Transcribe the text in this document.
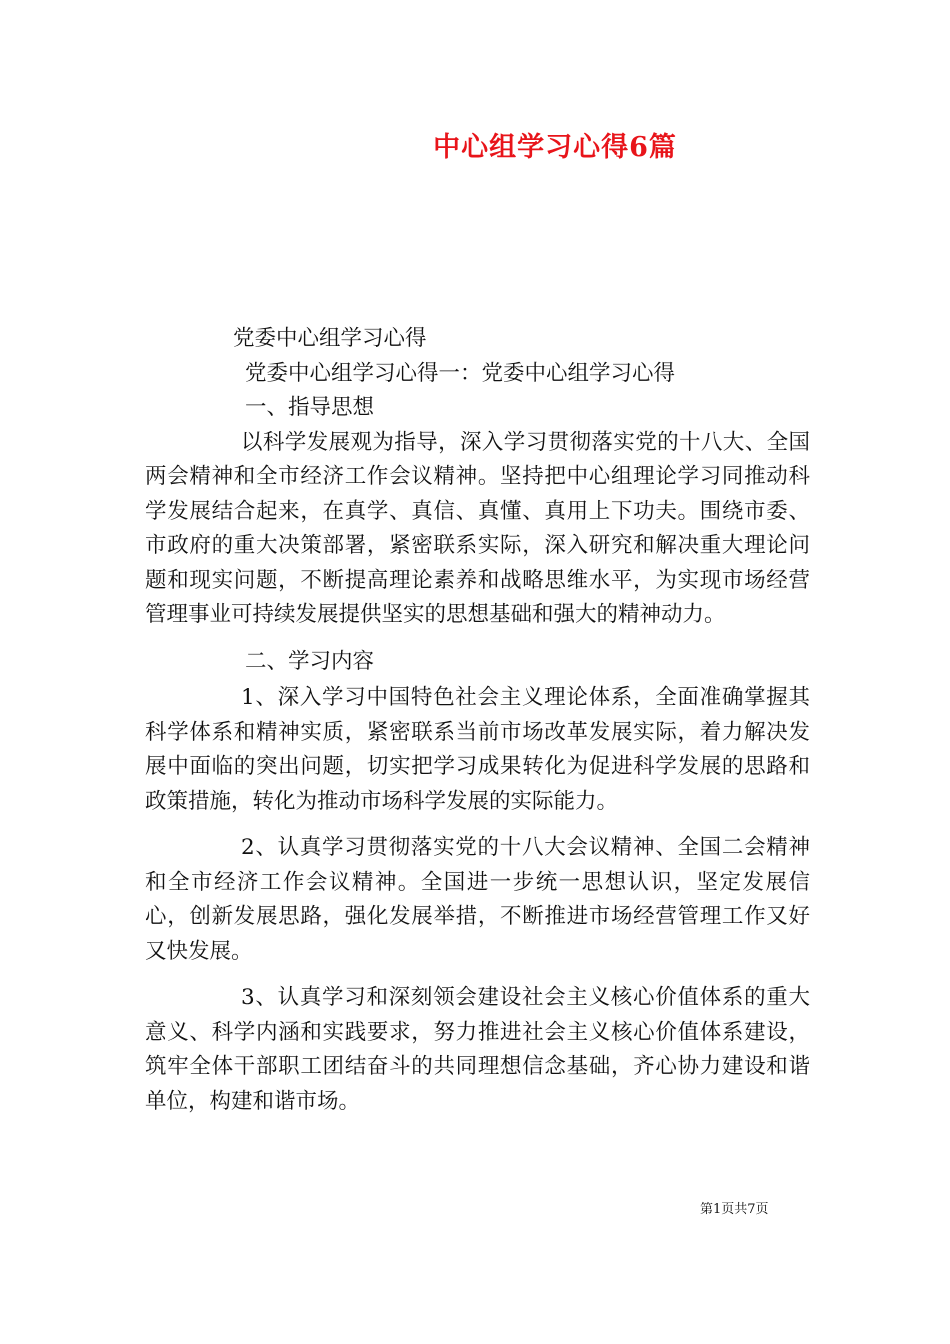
中心组学习心得6篇
党委中心组学习心得
党委中心组学习心得一：党委中心组学习心得
一、指导思想
以科学发展观为指导，深入学习贯彻落实党的十八大、全国两会精神和全市经济工作会议精神。坚持把中心组理论学习同推动科学发展结合起来，在真学、真信、真懂、真用上下功夫。围绕市委、市政府的重大决策部署，紧密联系实际，深入研究和解决重大理论问题和现实问题，不断提高理论素养和战略思维水平，为实现市场经营管理事业可持续发展提供坚实的思想基础和强大的精神动力。
二、学习内容
1、深入学习中国特色社会主义理论体系，全面准确掌握其科学体系和精神实质，紧密联系当前市场改革发展实际，着力解决发展中面临的突出问题，切实把学习成果转化为促进科学发展的思路和政策措施，转化为推动市场科学发展的实际能力。
2、认真学习贯彻落实党的十八大会议精神、全国二会精神和全市经济工作会议精神。全国进一步统一思想认识，坚定发展信心，创新发展思路，强化发展举措，不断推进市场经营管理工作又好又快发展。
3、认真学习和深刻领会建设社会主义核心价值体系的重大意义、科学内涵和实践要求，努力推进社会主义核心价值体系建设，筑牢全体干部职工团结奋斗的共同理想信念基础，齐心协力建设和谐单位，构建和谐市场。
第1页共7页
